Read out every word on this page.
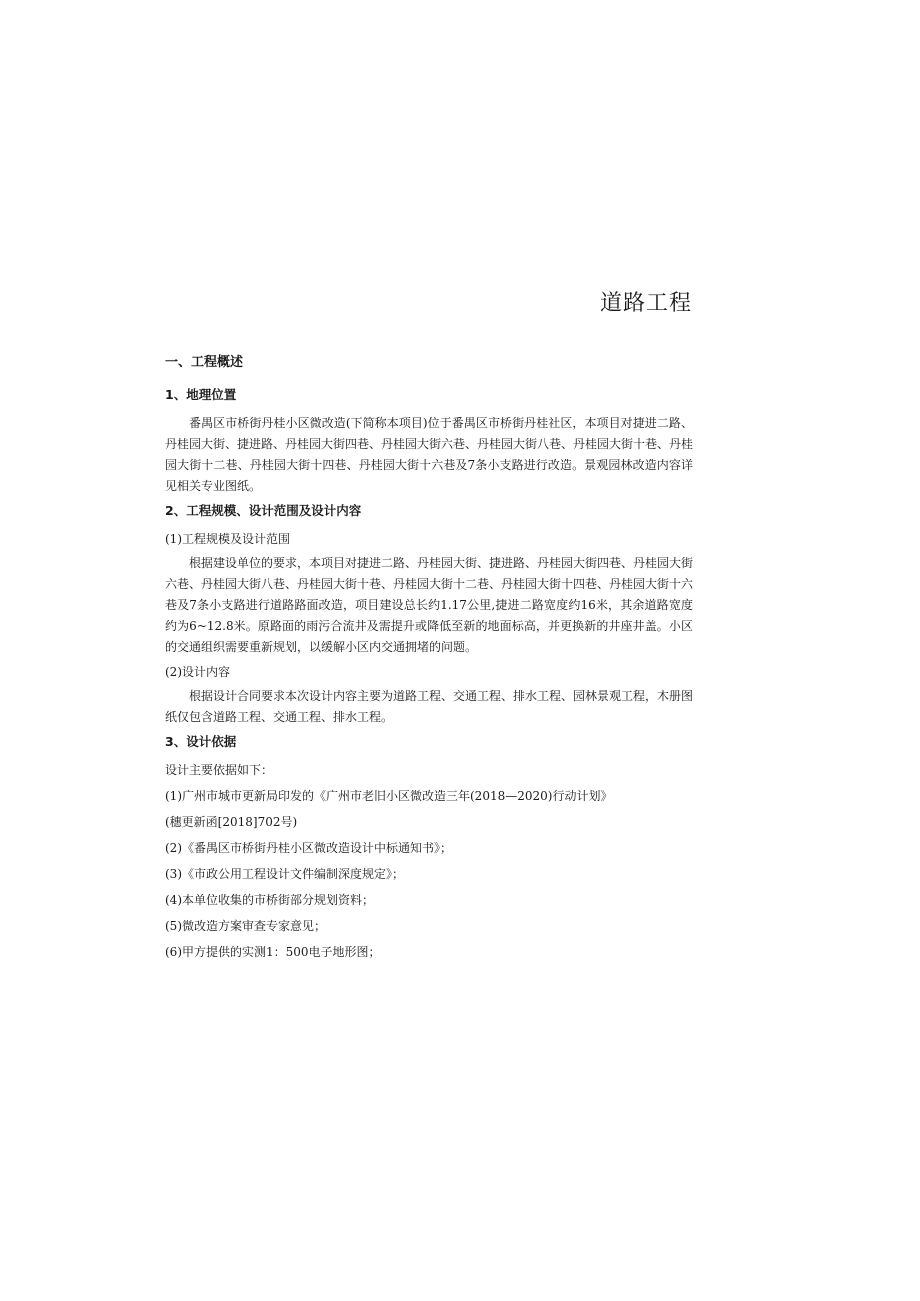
道路工程
一、工程概述
1、地理位置

番禺区市桥街丹桂小区微改造(下简称本项目)位于番禺区市桥街丹桂社区，本项目对捷进二路、丹桂园大街、捷进路、丹桂园大街四巷、丹桂园大街六巷、丹桂园大街八巷、丹桂园大街十巷、丹桂园大街十二巷、丹桂园大街十四巷、丹桂园大街十六巷及7条小支路进行改造。景观园林改造内容详见相关专业图纸。

2、工程规模、设计范围及设计内容
(1)工程规模及设计范围

根据建设单位的要求，本项目对捷进二路、丹桂园大街、捷进路、丹桂园大街四巷、丹桂园大街六巷、丹桂园大街八巷、丹桂园大街十巷、丹桂园大街十二巷、丹桂园大街十四巷、丹桂园大街十六巷及7条小支路进行道路路面改造，项目建设总长约1.17公里,捷进二路宽度约16米，其余道路宽度约为6~12.8米。原路面的雨污合流井及需提升或降低至新的地面标高，并更换新的井座井盖。小区的交通组织需要重新规划，以缓解小区内交通拥堵的问题。

(2)设计内容

根据设计合同要求本次设计内容主要为道路工程、交通工程、排水工程、园林景观工程，木册图纸仅包含道路工程、交通工程、排水工程。

3、设计依据
设计主要依据如下：
(1)广州市城市更新局印发的《广州市老旧小区微改造三年(2018—2020)行动计划》
(穗更新函[2018]702号)
(2)《番禺区市桥街丹桂小区微改造设计中标通知书》；
(3)《市政公用工程设计文件编制深度规定》；
(4)本单位收集的市桥街部分规划资料；
(5)微改造方案审查专家意见；
(6)甲方提供的实测1：500电子地形图；
